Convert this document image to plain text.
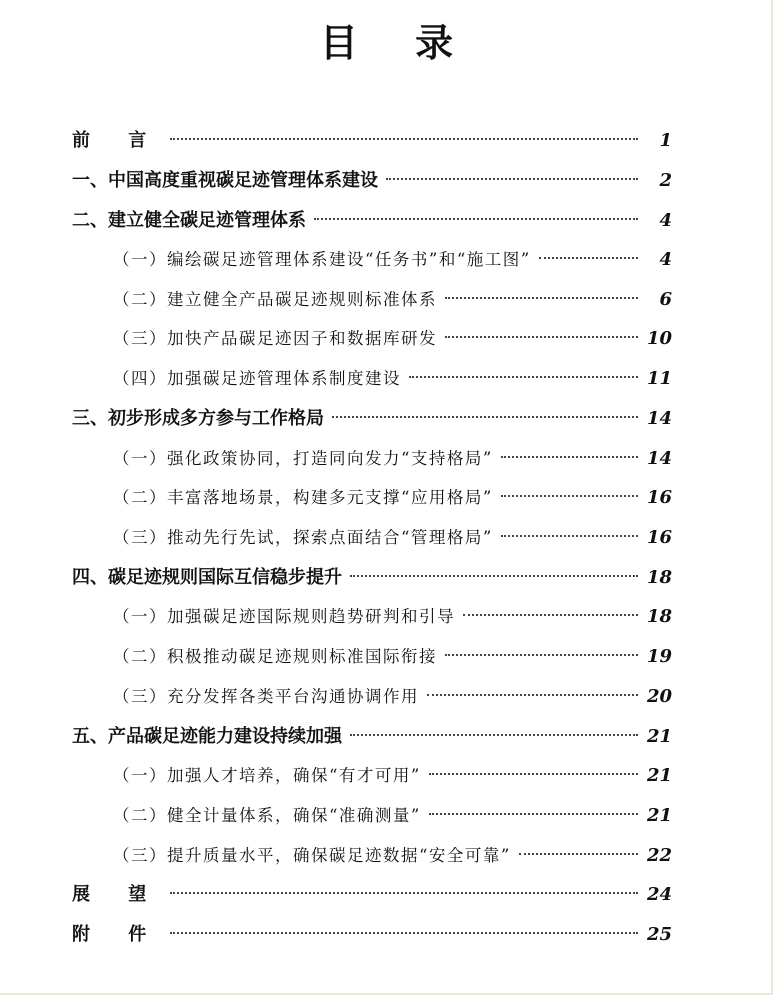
目 录
前 言	1
一、中国高度重视碳足迹管理体系建设	2
二、建立健全碳足迹管理体系	4
（一）编绘碳足迹管理体系建设“任务书”和“施工图”	4
（二）建立健全产品碳足迹规则标准体系	6
（三）加快产品碳足迹因子和数据库研发	10
（四）加强碳足迹管理体系制度建设	11
三、初步形成多方参与工作格局	14
（一）强化政策协同，打造同向发力“支持格局”	14
（二）丰富落地场景，构建多元支撑“应用格局”	16
（三）推动先行先试，探索点面结合“管理格局”	16
四、碳足迹规则国际互信稳步提升	18
（一）加强碳足迹国际规则趋势研判和引导	18
（二）积极推动碳足迹规则标准国际衔接	19
（三）充分发挥各类平台沟通协调作用	20
五、产品碳足迹能力建设持续加强	21
（一）加强人才培养，确保“有才可用”	21
（二）健全计量体系，确保“准确测量”	21
（三）提升质量水平，确保碳足迹数据“安全可靠”	22
展 望	24
附 件	25
